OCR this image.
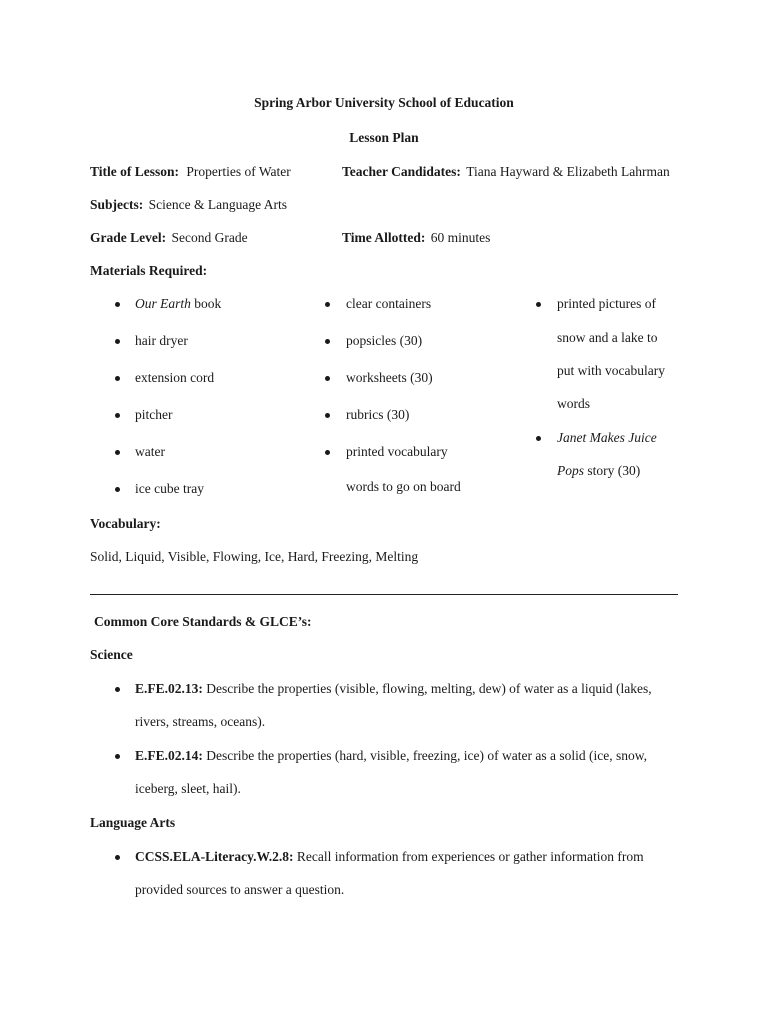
Spring Arbor University School of Education
Lesson Plan
Title of Lesson: Properties of Water	Teacher Candidates: Tiana Hayward & Elizabeth Lahrman
Subjects: Science & Language Arts
Grade Level: Second Grade	Time Allotted: 60 minutes
Materials Required:
Our Earth book
hair dryer
extension cord
pitcher
water
ice cube tray
clear containers
popsicles (30)
worksheets (30)
rubrics (30)
printed vocabulary
words to go on board
printed pictures of
snow and a lake to
put with vocabulary
words
Janet Makes Juice
Pops story (30)
Vocabulary:
Solid, Liquid, Visible, Flowing, Ice, Hard, Freezing, Melting
Common Core Standards & GLCE’s:
Science
E.FE.02.13: Describe the properties (visible, flowing, melting, dew) of water as a liquid (lakes,
rivers, streams, oceans).
E.FE.02.14: Describe the properties (hard, visible, freezing, ice) of water as a solid (ice, snow,
iceberg, sleet, hail).
Language Arts
CCSS.ELA-Literacy.W.2.8: Recall information from experiences or gather information from
provided sources to answer a question.
